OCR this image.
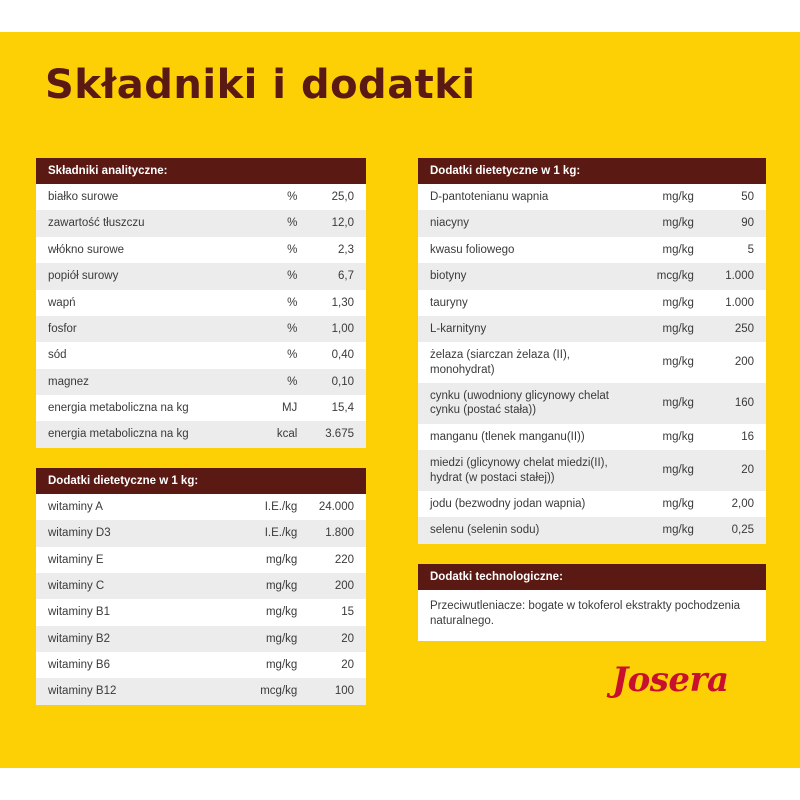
Składniki i dodatki
Składniki analityczne:
białko surowe	%	25,0
zawartość tłuszczu	%	12,0
włókno surowe	%	2,3
popiół surowy	%	6,7
wapń	%	1,30
fosfor	%	1,00
sód	%	0,40
magnez	%	0,10
energia metaboliczna na kg	MJ	15,4
energia metaboliczna na kg	kcal	3.675
Dodatki dietetyczne w 1 kg:
witaminy A	I.E./kg	24.000
witaminy D3	I.E./kg	1.800
witaminy E	mg/kg	220
witaminy C	mg/kg	200
witaminy B1	mg/kg	15
witaminy B2	mg/kg	20
witaminy B6	mg/kg	20
witaminy B12	mcg/kg	100
Dodatki dietetyczne w 1 kg:
D-pantotenianu wapnia	mg/kg	50
niacyny	mg/kg	90
kwasu foliowego	mg/kg	5
biotyny	mcg/kg	1.000
tauryny	mg/kg	1.000
L-karnityny	mg/kg	250
żelaza (siarczan żelaza (II), monohydrat)	mg/kg	200
cynku (uwodniony glicynowy chelat cynku (postać stała))	mg/kg	160
manganu (tlenek manganu(II))	mg/kg	16
miedzi (glicynowy chelat miedzi(II), hydrat (w postaci stałej))	mg/kg	20
jodu (bezwodny jodan wapnia)	mg/kg	2,00
selenu (selenin sodu)	mg/kg	0,25
Dodatki technologiczne:
Przeciwutleniacze: bogate w tokoferol ekstrakty pochodzenia naturalnego.
Josera
